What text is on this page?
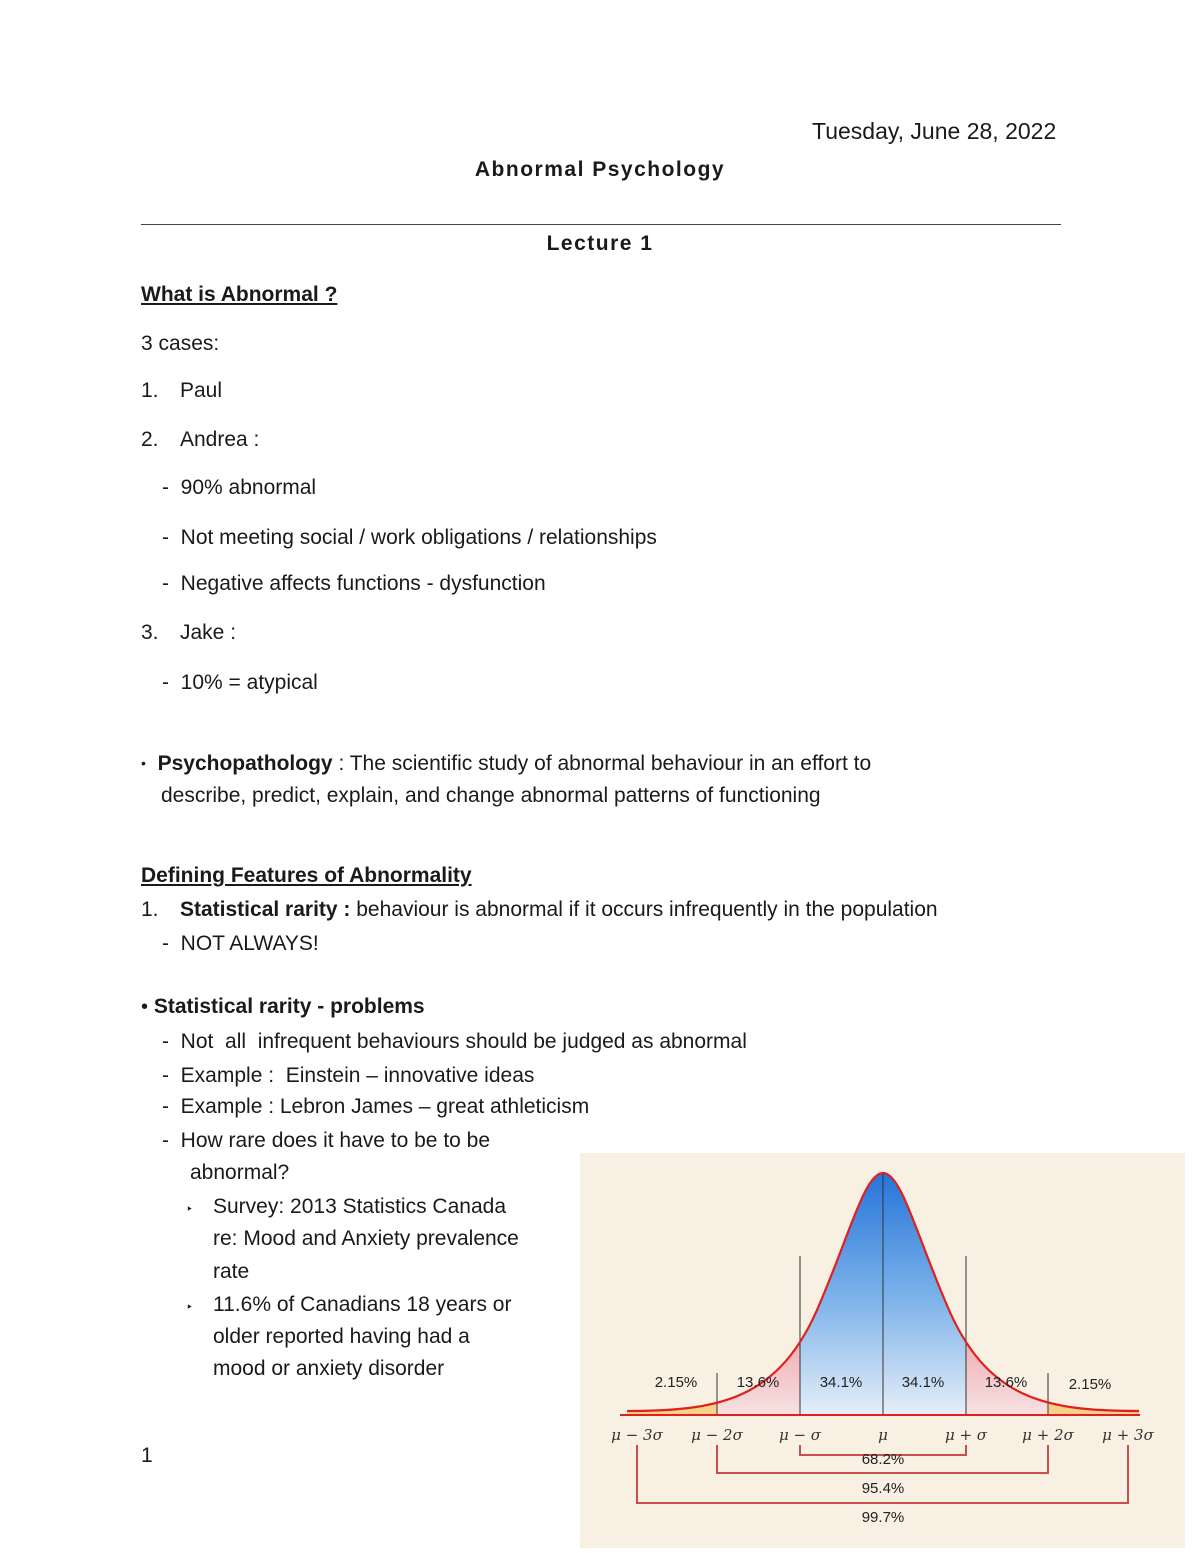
Tuesday, June 28, 2022
Abnormal Psychology
Lecture 1
What is Abnormal ?
3 cases:
1. Paul
2. Andrea :
- 90% abnormal
- Not meeting social / work obligations / relationships
- Negative affects functions - dysfunction
3. Jake :
- 10% = atypical
• Psychopathology : The scientific study of abnormal behaviour in an effort to
describe, predict, explain, and change abnormal patterns of functioning
Defining Features of Abnormality
1. Statistical rarity : behaviour is abnormal if it occurs infrequently in the population
- NOT ALWAYS!
• Statistical rarity - problems
- Not  all  infrequent behaviours should be judged as abnormal
- Example :  Einstein – innovative ideas
- Example : Lebron James – great athleticism
- How rare does it have to be to be
abnormal?
‣ Survey: 2013 Statistics Canada
re: Mood and Anxiety prevalence
rate
‣ 11.6% of Canadians 18 years or
older reported having had a
mood or anxiety disorder
1
2.15%	13.6%	34.1%	34.1%	13.6%	2.15%
μ − 3σ μ − 2σ μ − σ	μ	μ + σ μ + 2σ μ + 3σ
68.2%
95.4%
99.7%
